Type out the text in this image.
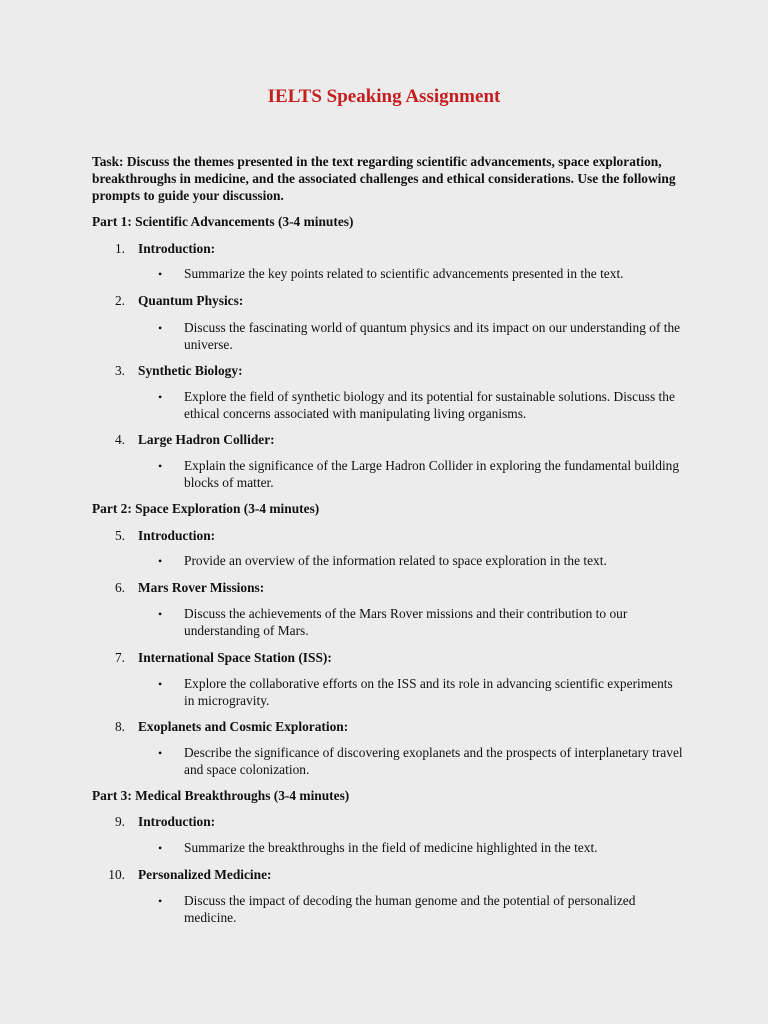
IELTS Speaking Assignment
Task: Discuss the themes presented in the text regarding scientific advancements, space exploration, breakthroughs in medicine, and the associated challenges and ethical considerations. Use the following prompts to guide your discussion.
Part 1: Scientific Advancements (3-4 minutes)
1. Introduction:
• Summarize the key points related to scientific advancements presented in the text.
2. Quantum Physics:
• Discuss the fascinating world of quantum physics and its impact on our understanding of the universe.
3. Synthetic Biology:
• Explore the field of synthetic biology and its potential for sustainable solutions. Discuss the ethical concerns associated with manipulating living organisms.
4. Large Hadron Collider:
• Explain the significance of the Large Hadron Collider in exploring the fundamental building blocks of matter.
Part 2: Space Exploration (3-4 minutes)
5. Introduction:
• Provide an overview of the information related to space exploration in the text.
6. Mars Rover Missions:
• Discuss the achievements of the Mars Rover missions and their contribution to our understanding of Mars.
7. International Space Station (ISS):
• Explore the collaborative efforts on the ISS and its role in advancing scientific experiments in microgravity.
8. Exoplanets and Cosmic Exploration:
• Describe the significance of discovering exoplanets and the prospects of interplanetary travel and space colonization.
Part 3: Medical Breakthroughs (3-4 minutes)
9. Introduction:
• Summarize the breakthroughs in the field of medicine highlighted in the text.
10. Personalized Medicine:
• Discuss the impact of decoding the human genome and the potential of personalized medicine.
